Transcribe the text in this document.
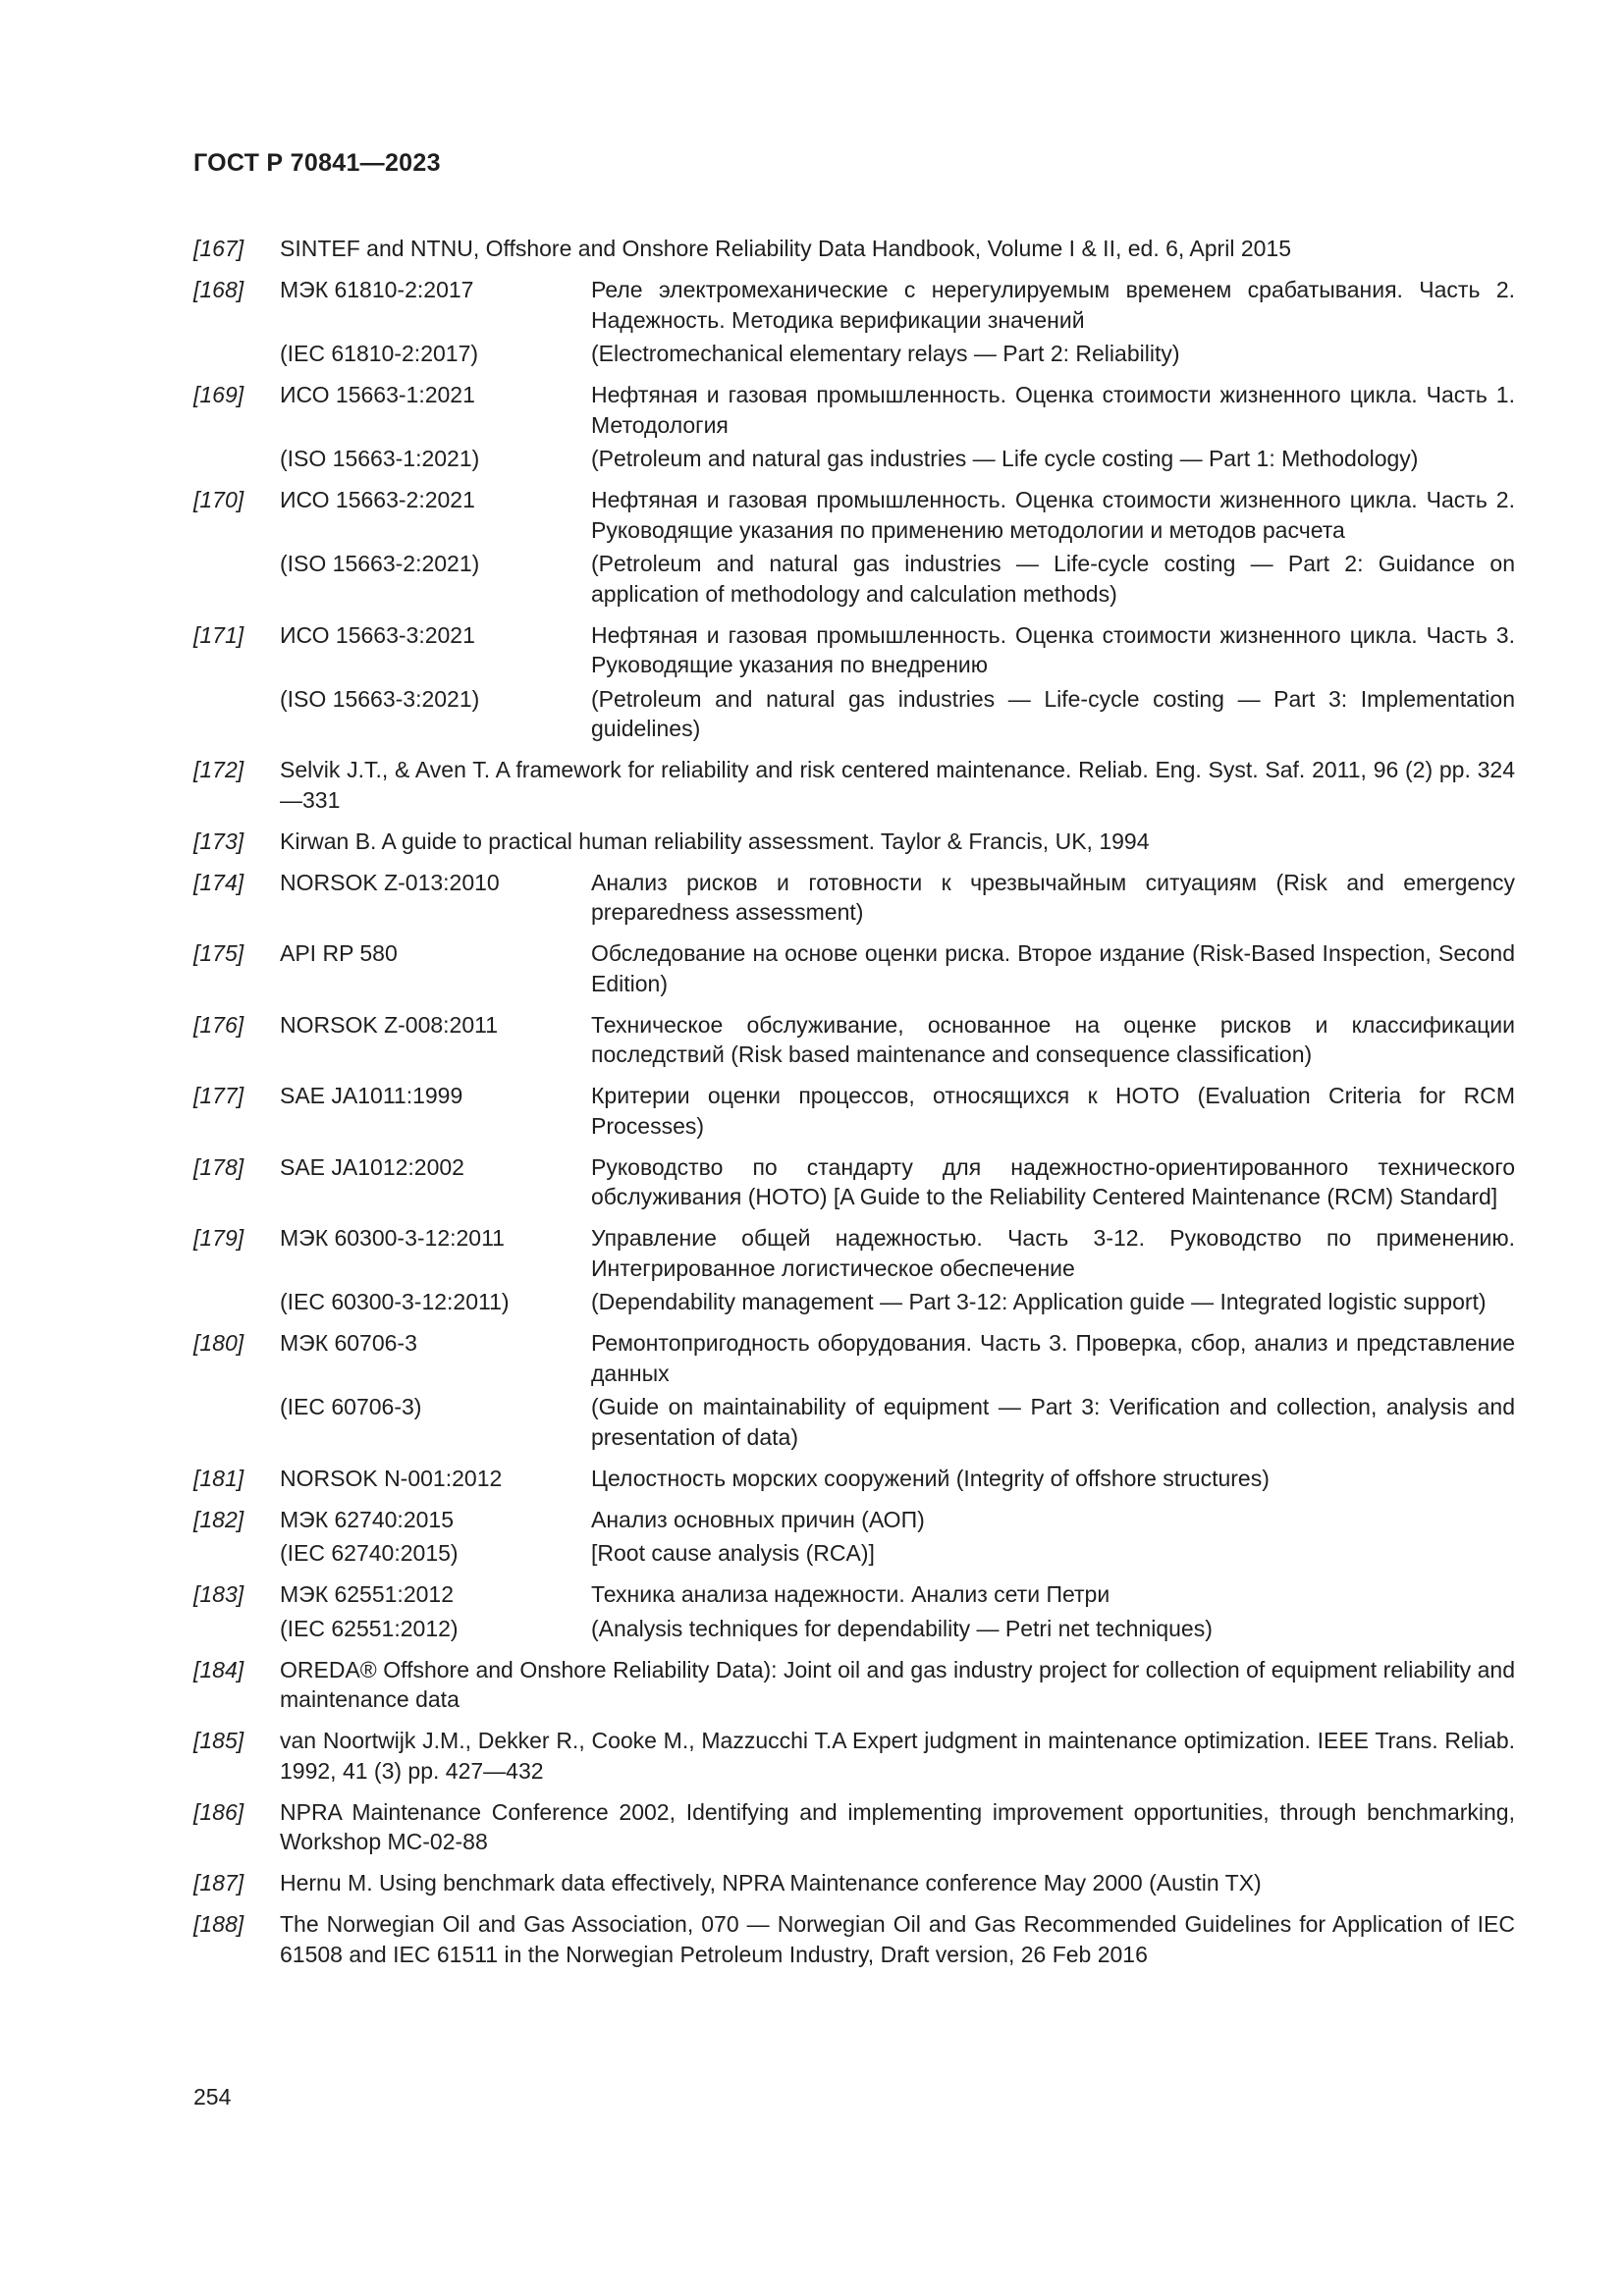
ГОСТ Р 70841—2023
[167]	SINTEF and NTNU, Offshore and Onshore Reliability Data Handbook, Volume I & II, ed. 6, April 2015
[168]	МЭК 61810-2:2017	Реле электромеханические с нерегулируемым временем срабатывания. Часть 2. Надежность. Методика верификации значений
(IEC 61810-2:2017)	(Electromechanical elementary relays — Part 2: Reliability)
[169]	ИСО 15663-1:2021	Нефтяная и газовая промышленность. Оценка стоимости жизненного цикла. Часть 1. Методология
(ISO 15663-1:2021)	(Petroleum and natural gas industries — Life cycle costing — Part 1: Methodology)
[170]	ИСО 15663-2:2021	Нефтяная и газовая промышленность. Оценка стоимости жизненного цикла. Часть 2. Руководящие указания по применению методологии и методов расчета
(ISO 15663-2:2021)	(Petroleum and natural gas industries — Life-cycle costing — Part 2: Guidance on application of methodology and calculation methods)
[171]	ИСО 15663-3:2021	Нефтяная и газовая промышленность. Оценка стоимости жизненного цикла. Часть 3. Руководящие указания по внедрению
(ISO 15663-3:2021)	(Petroleum and natural gas industries — Life-cycle costing — Part 3: Implementation guidelines)
[172]	Selvik J.T., & Aven T. A framework for reliability and risk centered maintenance. Reliab. Eng. Syst. Saf. 2011, 96 (2) pp. 324—331
[173]	Kirwan B. A guide to practical human reliability assessment. Taylor & Francis, UK, 1994
[174]	NORSOK Z-013:2010	Анализ рисков и готовности к чрезвычайным ситуациям (Risk and emergency preparedness assessment)
[175]	API RP 580	Обследование на основе оценки риска. Второе издание (Risk-Based Inspection, Second Edition)
[176]	NORSOK Z-008:2011	Техническое обслуживание, основанное на оценке рисков и классификации последствий (Risk based maintenance and consequence classification)
[177]	SAE JA1011:1999	Критерии оценки процессов, относящихся к НОТО (Evaluation Criteria for RCM Processes)
[178]	SAE JA1012:2002	Руководство по стандарту для надежностно-ориентированного технического обслуживания (НОТО) [A Guide to the Reliability Centered Maintenance (RCM) Standard]
[179]	МЭК 60300-3-12:2011	Управление общей надежностью. Часть 3-12. Руководство по применению. Интегрированное логистическое обеспечение
(IEC 60300-3-12:2011)	(Dependability management — Part 3-12: Application guide — Integrated logistic support)
[180]	МЭК 60706-3	Ремонтопригодность оборудования. Часть 3. Проверка, сбор, анализ и представление данных
(IEC 60706-3)	(Guide on maintainability of equipment — Part 3: Verification and collection, analysis and presentation of data)
[181]	NORSOK N-001:2012	Целостность морских сооружений (Integrity of offshore structures)
[182]	МЭК 62740:2015	Анализ основных причин (АОП)
(IEC 62740:2015)	[Root cause analysis (RCA)]
[183]	МЭК 62551:2012	Техника анализа надежности. Анализ сети Петри
(IEC 62551:2012)	(Analysis techniques for dependability — Petri net techniques)
[184]	OREDA® Offshore and Onshore Reliability Data): Joint oil and gas industry project for collection of equipment reliability and maintenance data
[185]	van Noortwijk J.M., Dekker R., Cooke M., Mazzucchi T.A Expert judgment in maintenance optimization. IEEE Trans. Reliab. 1992, 41 (3) pp. 427—432
[186]	NPRA Maintenance Conference 2002, Identifying and implementing improvement opportunities, through benchmarking, Workshop MC-02-88
[187]	Hernu M. Using benchmark data effectively, NPRA Maintenance conference May 2000 (Austin TX)
[188]	The Norwegian Oil and Gas Association, 070 — Norwegian Oil and Gas Recommended Guidelines for Application of IEC 61508 and IEC 61511 in the Norwegian Petroleum Industry, Draft version, 26 Feb 2016
254
